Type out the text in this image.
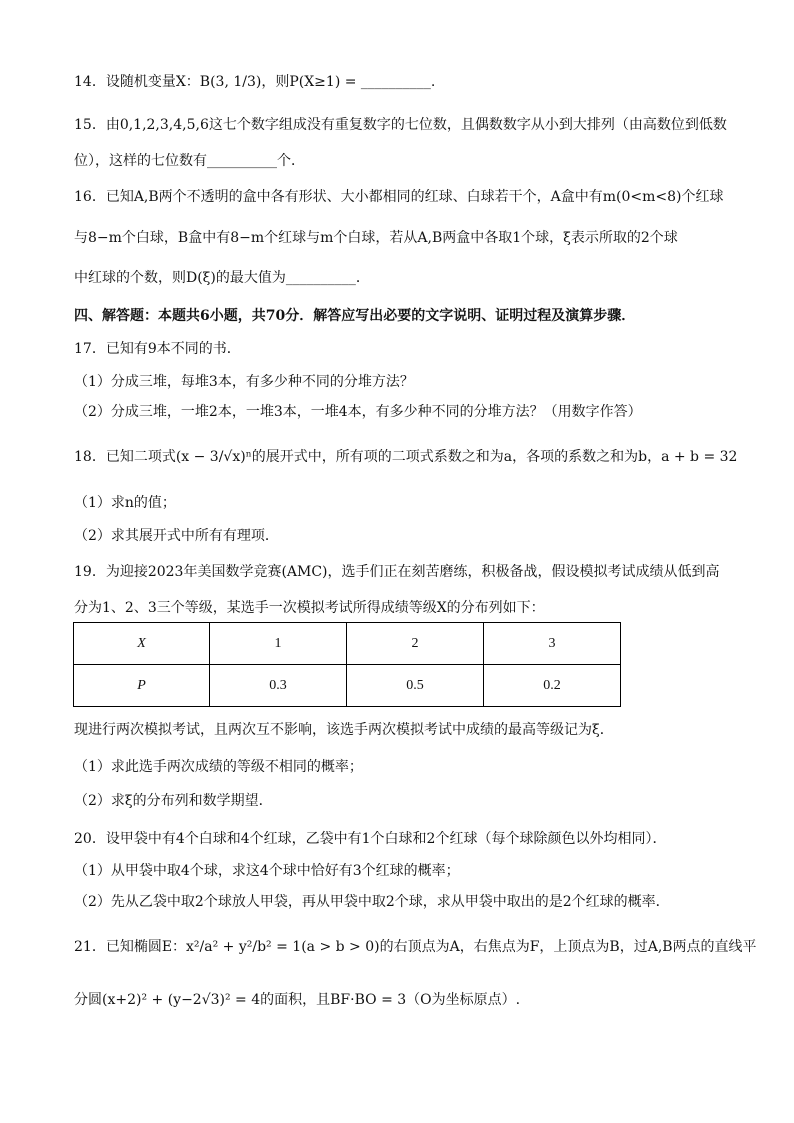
14．设随机变量X：B(3, 1/3)，则P(X≥1) = __________.
15．由0,1,2,3,4,5,6这七个数字组成没有重复数字的七位数，且偶数数字从小到大排列（由高数位到低数
位），这样的七位数有__________个．
16．已知A,B两个不透明的盒中各有形状、大小都相同的红球、白球若干个，A盒中有m(0<m<8)个红球
与8−m个白球，B盒中有8−m个红球与m个白球，若从A,B两盒中各取1个球，ξ表示所取的2个球
中红球的个数，则D(ξ)的最大值为__________．
四、解答题：本题共6小题，共70分．解答应写出必要的文字说明、证明过程及演算步骤．
17．已知有9本不同的书．
（1）分成三堆，每堆3本，有多少种不同的分堆方法？
（2）分成三堆，一堆2本，一堆3本，一堆4本，有多少种不同的分堆方法？（用数字作答）
18．已知二项式(x − 3/√x)ⁿ的展开式中，所有项的二项式系数之和为a，各项的系数之和为b，a + b = 32
（1）求n的值；
（2）求其展开式中所有有理项．
19．为迎接2023年美国数学竞赛(AMC)，选手们正在刻苦磨练，积极备战，假设模拟考试成绩从低到高
分为1、2、3三个等级，某选手一次模拟考试所得成绩等级X的分布列如下：
X	1	2	3
P	0.3	0.5	0.2
现进行两次模拟考试，且两次互不影响，该选手两次模拟考试中成绩的最高等级记为ξ．
（1）求此选手两次成绩的等级不相同的概率；
（2）求ξ的分布列和数学期望．
20．设甲袋中有4个白球和4个红球，乙袋中有1个白球和2个红球（每个球除颜色以外均相同）．
（1）从甲袋中取4个球，求这4个球中恰好有3个红球的概率；
（2）先从乙袋中取2个球放人甲袋，再从甲袋中取2个球，求从甲袋中取出的是2个红球的概率．
21．已知椭圆E：x²/a² + y²/b² = 1(a > b > 0)的右顶点为A，右焦点为F，上顶点为B，过A,B两点的直线平
分圆(x+2)² + (y−2√3)² = 4的面积，且BF·BO = 3（O为坐标原点）.
